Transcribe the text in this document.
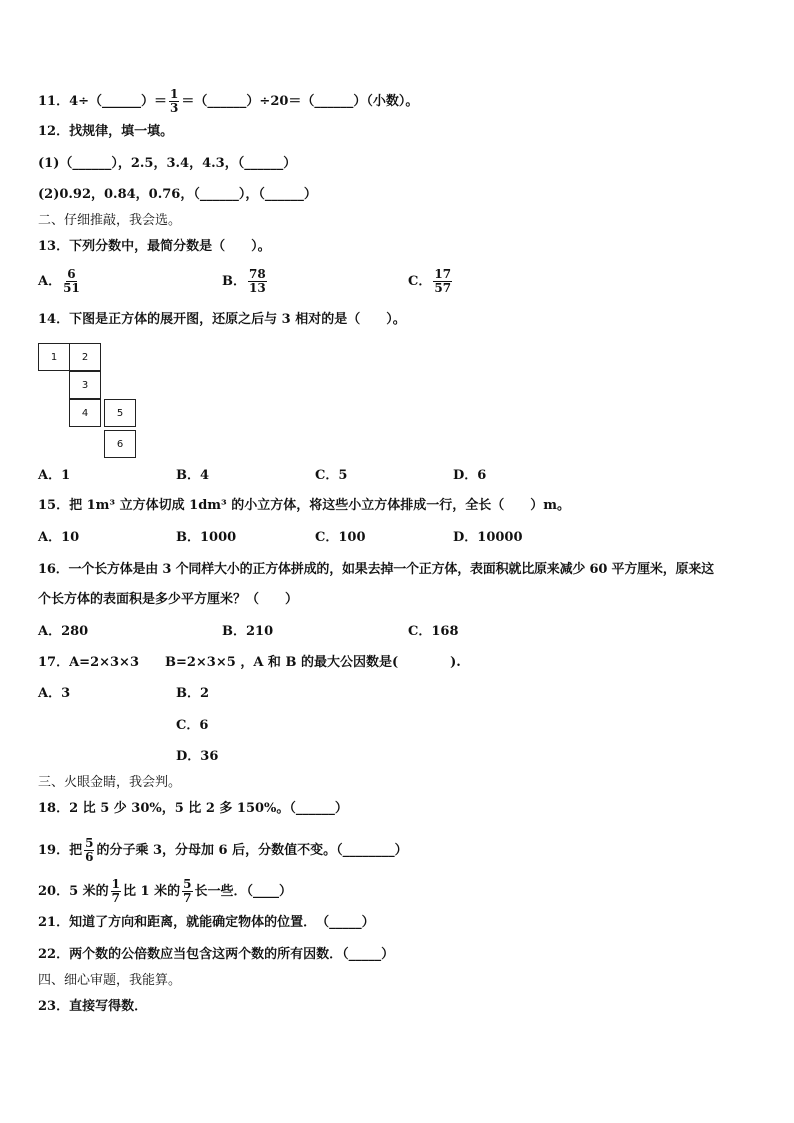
11．4÷（______）＝ $\frac{1}{3}$ ＝（______）÷20＝（______）（小数）。
12．找规律，填一填。
(1)（______），2.5，3.4，4.3，（______）
(2)0.92，0.84，0.76，（______），（______）
二、仔细推敲，我会选。
13．下列分数中，最简分数是（　　）。
A． $\frac{6}{51}$	B． $\frac{78}{13}$	C． $\frac{17}{57}$
14．下图是正方体的展开图，还原之后与 3 相对的是（　　）。
1	2
3
4	5
6
A．1	B．4	C．5	D．6
15．把 1m³ 立方体切成 1dm³ 的小立方体，将这些小立方体排成一行，全长（　　）m。
A．10	B．1000	C．100	D．10000
16．一个长方体是由 3 个同样大小的正方体拼成的，如果去掉一个正方体，表面积就比原来减少 60 平方厘米，原来这
个长方体的表面积是多少平方厘米？（　　）
A．280	B．210	C．168
17．A=2×3×3　　B=2×3×5 ，A 和 B 的最大公因数是(　　　　).
A．3	B．2
C．6
D．36
三、火眼金睛，我会判。
18．2 比 5 少 30%，5 比 2 多 150%。（______）
19．把 $\frac{5}{6}$ 的分子乘 3，分母加 6 后，分数值不变。（________）
20．5 米的 $\frac{1}{7}$ 比 1 米的 $\frac{5}{7}$ 长一些．（____）
21．知道了方向和距离，就能确定物体的位置．　（_____）
22．两个数的公倍数应当包含这两个数的所有因数．（_____）
四、细心审题，我能算。
23．直接写得数．
